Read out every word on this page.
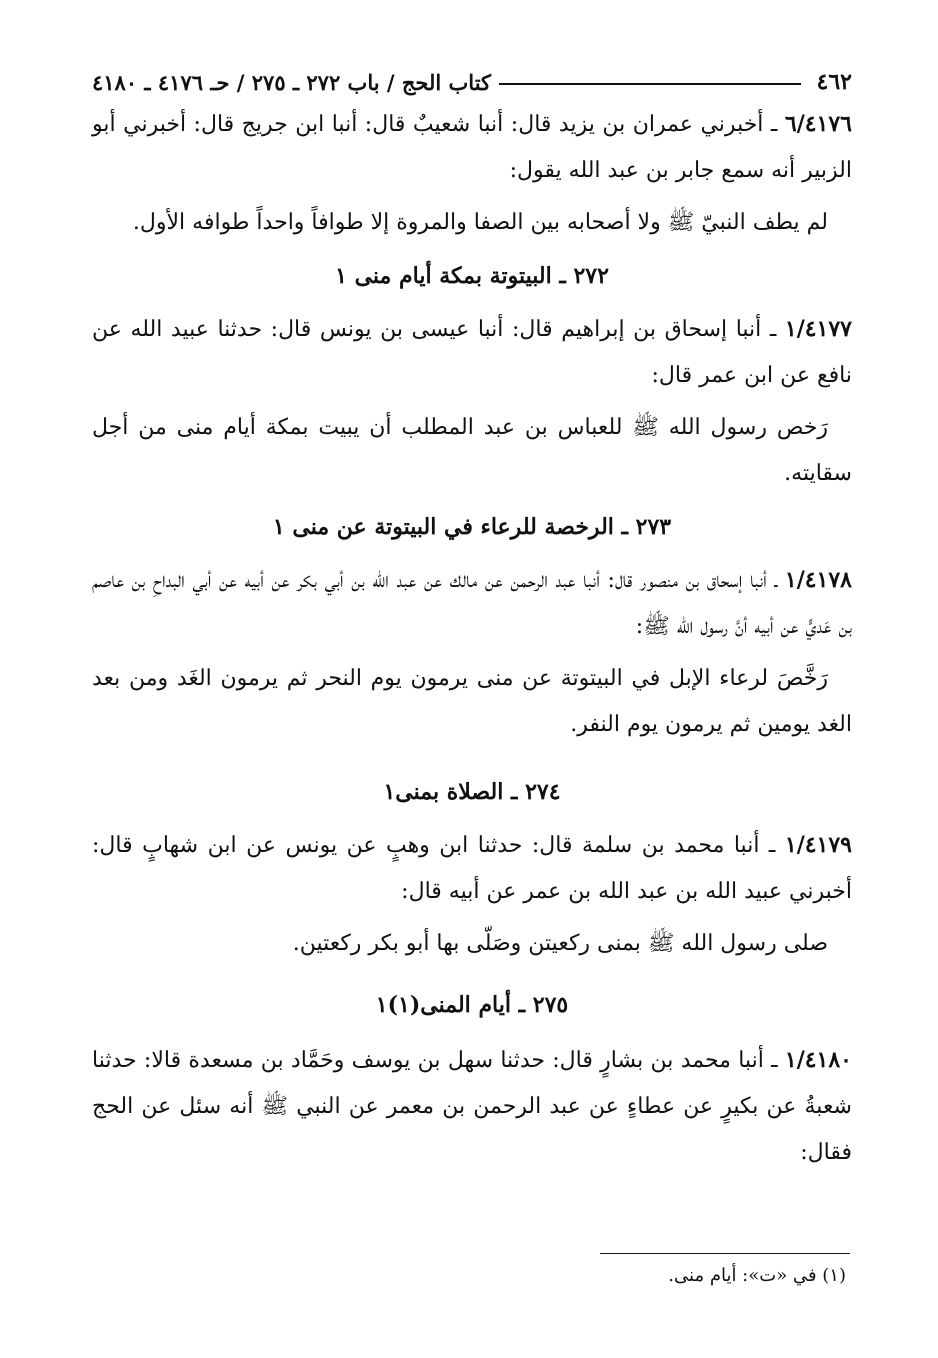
٤٦٢
كتاب الحج / باب ٢٧٢ ـ ٢٧٥ / حـ ٤١٧٦ ـ ٤١٨٠

٦/٤١٧٦ ـ أخبرني عمران بن يزيد قال: أنبا شعيبٌ قال: أنبا ابن جريج قال: أخبرني أبو الزبير أنه سمع جابر بن عبد الله يقول:

لم يطف النبيّ ﷺ ولا أصحابه بين الصفا والمروة إلا طوافاً واحداً طوافه الأول.

٢٧٢ ـ البيتوتة بمكة أيام منى ١

١/٤١٧٧ ـ أنبا إسحاق بن إبراهيم قال: أنبا عيسى بن يونس قال: حدثنا عبيد الله عن نافع عن ابن عمر قال:

رَخص رسول الله ﷺ للعباس بن عبد المطلب أن يبيت بمكة أيام منى من أجل سقايته.

٢٧٣ ـ الرخصة للرعاء في البيتوتة عن منى ١

١/٤١٧٨ ـ أنبا إسحاق بن منصور قال: أنبا عبد الرحمن عن مالك عن عبد الله بن أبي بكر عن أبيه عن أبي البداحِ بن عاصم بن عَديٍّ عن أبيه أنَّ رسول الله ﷺ:

رَخَّصَ لرعاء الإبل في البيتوتة عن منى يرمون يوم النحر ثم يرمون الغَد ومن بعد الغد يومين ثم يرمون يوم النفر.

٢٧٤ ـ الصلاة بمنى١

١/٤١٧٩ ـ أنبا محمد بن سلمة قال: حدثنا ابن وهبٍ عن يونس عن ابن شهابٍ قال: أخبرني عبيد الله بن عبد الله بن عمر عن أبيه قال:

صلى رسول الله ﷺ بمنى ركعيتن وصَلّى بها أبو بكر ركعتين.

٢٧٥ ـ أيام المنى(١)١

١/٤١٨٠ ـ أنبا محمد بن بشارٍ قال: حدثنا سهل بن يوسف وحَمَّاد بن مسعدة قالا: حدثنا شعبةُ عن بكيرٍ عن عطاءٍ عن عبد الرحمن بن معمر عن النبي ﷺ أنه سئل عن الحج فقال:

(١) في «ت»: أيام منى.
